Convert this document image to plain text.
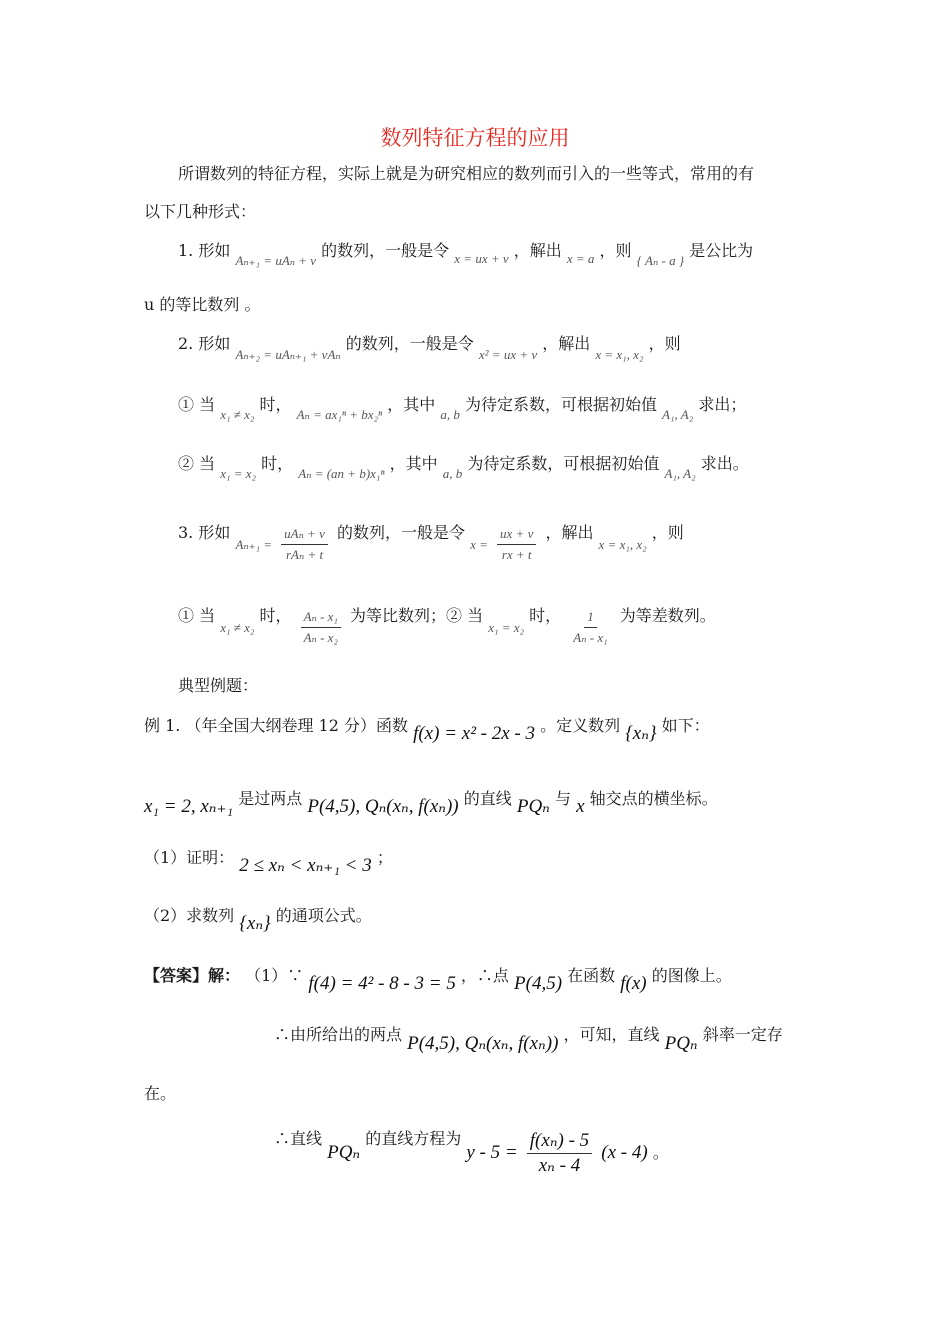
数列特征方程的应用
所谓数列的特征方程，实际上就是为研究相应的数列而引入的一些等式，常用的有
以下几种形式：
1. 形如 $_{A_{n+1} = uA_n + v}$ 的数列，一般是令 $_{x = ux + v}$ ，解出 $_{x = a}$ ，则 $_{\{ A_n - a \}}$ 是公比为
u 的等比数列 。
2. 形如 $_{A_{n+2} = uA_{n+1} + vA_n}$ 的数列，一般是令 $_{x^2 = ux + v}$ ，解出 $_{x = x_1, x_2}$ ，则
① 当 $_{x_1 \ne x_2}$ 时， $_{A_n = ax_1^n + bx_2^n}$ ，其中 $_{a, b}$ 为待定系数，可根据初始值 $_{A_1, A_2}$ 求出；
② 当 $_{x_1 = x_2}$ 时， $_{A_n = (an + b)x_1^n}$ ，其中 $_{a, b}$ 为待定系数，可根据初始值 $_{A_1, A_2}$ 求出。
3. 形如 $A_{n+1} = \frac{\text{uAₙ + v}}{\text{rAₙ + t}}$ 的数列，一般是令 $x = \frac{ux + v}{rx + t}$ ，解出 x = x₁, x₂ ，则
① 当 x₁ ≠ x₂ 时， $\frac{\text{Aₙ - x₁}}{\text{Aₙ - x₂}}$ 为等比数列；② 当 x₁ = x₂ 时， $\frac{1}{\text{Aₙ - x₁}}$ 为等差数列。
典型例题：
例 1. （年全国大纲卷理 12 分）函数 f(x) = x² - 2x - 3 。定义数列 {xₙ} 如下：
x₁ = 2, xₙ₊₁ 是过两点 P(4,5), Qₙ(xₙ, f(xₙ)) 的直线 PQₙ 与 x 轴交点的横坐标。
（1）证明： 2 ≤ xₙ < xₙ₊₁ < 3 ；
（2）求数列 {xₙ} 的通项公式。
【答案】解： （1）∵ f(4) = 4² - 8 - 3 = 5 ，∴点 P(4,5) 在函数 f(x) 的图像上。
∴由所给出的两点 P(4,5), Qₙ(xₙ, f(xₙ)) ，可知，直线 PQₙ 斜率一定存
在。
∴直线 PQₙ 的直线方程为 $y - 5 = \frac{\text{f(xₙ) - 5}}{\text{xₙ - 4}} (x - 4)$ 。
